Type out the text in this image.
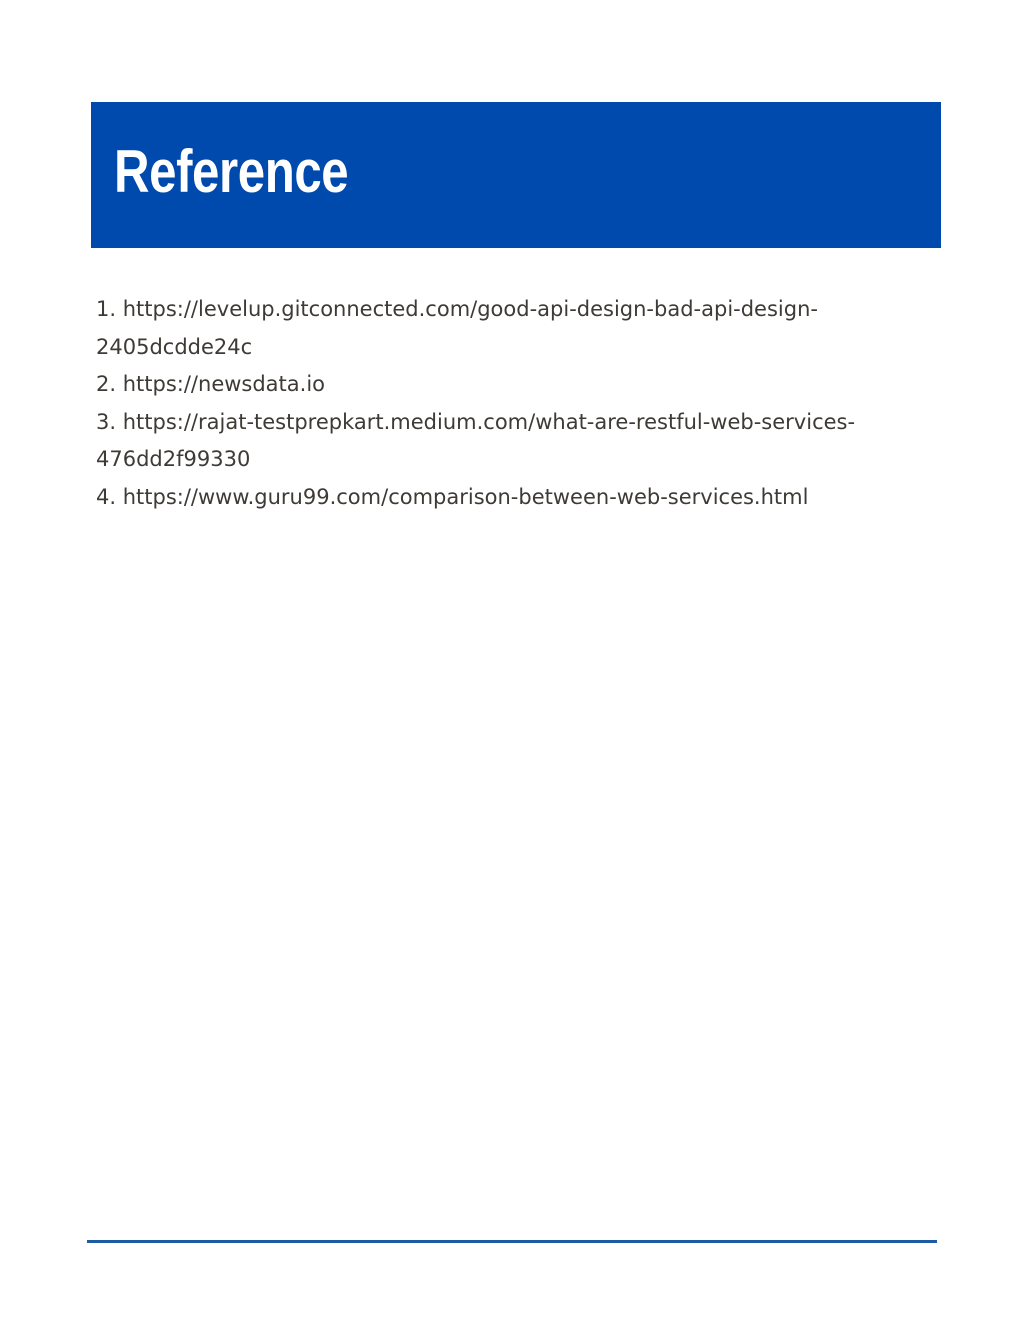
Reference
1. https://levelup.gitconnected.com/good-api-design-bad-api-design-
2405dcdde24c
2. https://newsdata.io
3. https://rajat-testprepkart.medium.com/what-are-restful-web-services-
476dd2f99330
4. https://www.guru99.com/comparison-between-web-services.html
